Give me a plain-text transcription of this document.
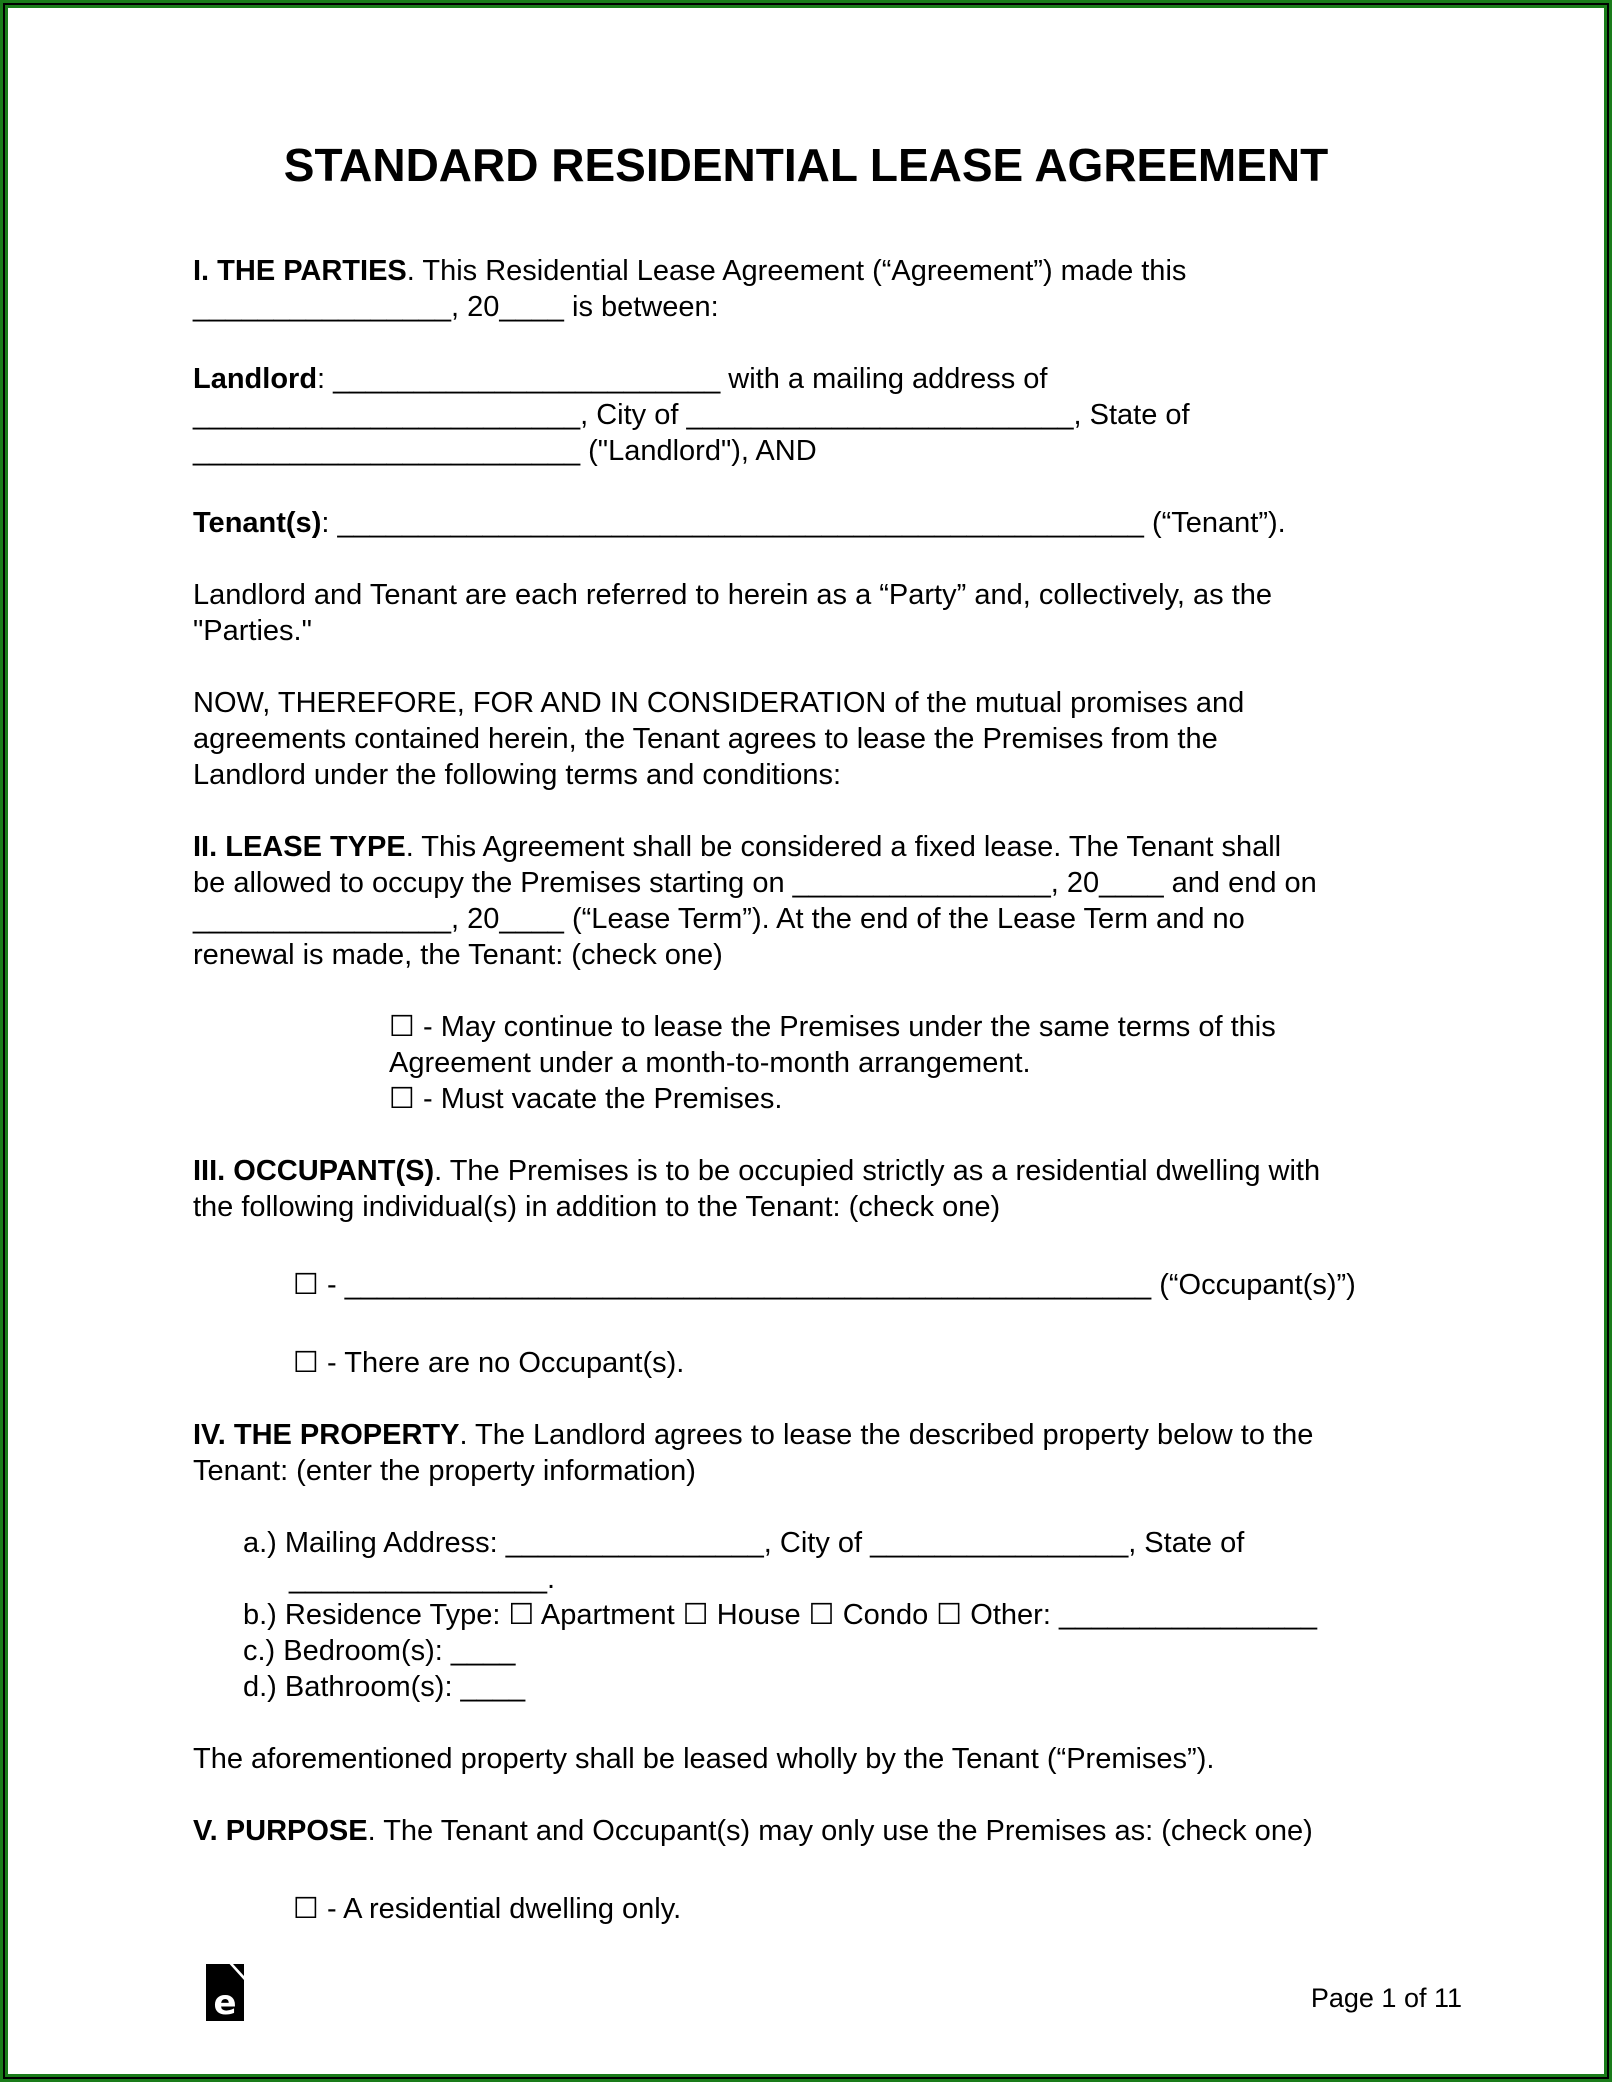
STANDARD RESIDENTIAL LEASE AGREEMENT
I. THE PARTIES. This Residential Lease Agreement (“Agreement”) made this
________________, 20____ is between:
Landlord: ________________________ with a mailing address of
________________________, City of ________________________, State of
________________________ ("Landlord"), AND
Tenant(s): __________________________________________________ (“Tenant”).
Landlord and Tenant are each referred to herein as a “Party” and, collectively, as the
"Parties."
NOW, THEREFORE, FOR AND IN CONSIDERATION of the mutual promises and
agreements contained herein, the Tenant agrees to lease the Premises from the
Landlord under the following terms and conditions:
II. LEASE TYPE. This Agreement shall be considered a fixed lease. The Tenant shall
be allowed to occupy the Premises starting on ________________, 20____ and end on
________________, 20____ (“Lease Term”). At the end of the Lease Term and no
renewal is made, the Tenant: (check one)
☐ - May continue to lease the Premises under the same terms of this
Agreement under a month-to-month arrangement.
☐ - Must vacate the Premises.
III. OCCUPANT(S). The Premises is to be occupied strictly as a residential dwelling with
the following individual(s) in addition to the Tenant: (check one)
☐ - __________________________________________________ (“Occupant(s)”)
☐ - There are no Occupant(s).
IV. THE PROPERTY. The Landlord agrees to lease the described property below to the
Tenant: (enter the property information)
a.) Mailing Address: ________________, City of ________________, State of
________________.
b.) Residence Type: ☐ Apartment ☐ House ☐ Condo ☐ Other: ________________
c.) Bedroom(s): ____
d.) Bathroom(s): ____
The aforementioned property shall be leased wholly by the Tenant (“Premises”).
V. PURPOSE. The Tenant and Occupant(s) may only use the Premises as: (check one)
☐ - A residential dwelling only.
e	Page 1 of 11
